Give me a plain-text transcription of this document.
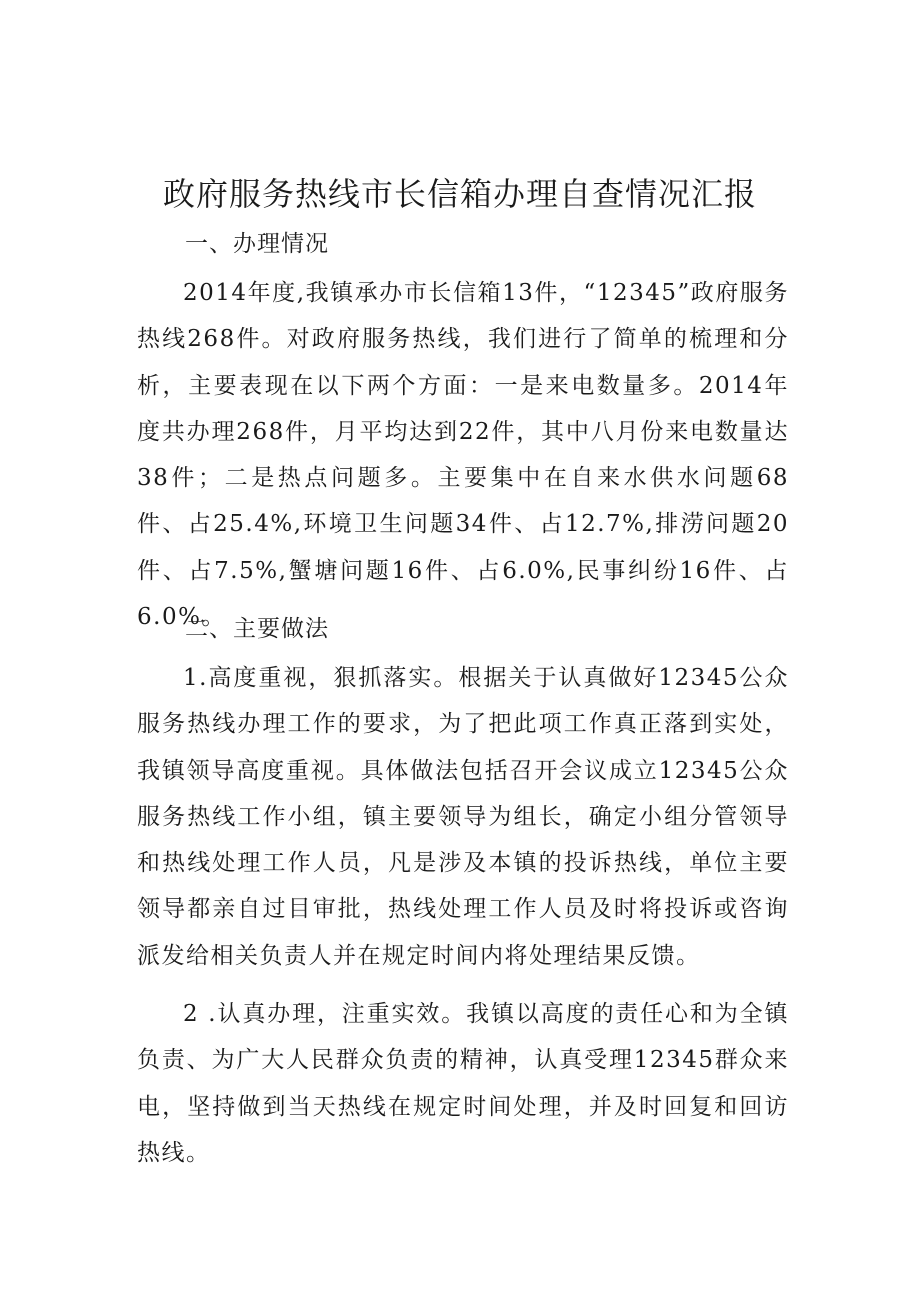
政府服务热线市长信箱办理自查情况汇报

一、办理情况

2014年度,我镇承办市长信箱13件，“12345”政府服务热线268件。对政府服务热线，我们进行了简单的梳理和分析，主要表现在以下两个方面：一是来电数量多。2014年度共办理268件，月平均达到22件，其中八月份来电数量达38件；二是热点问题多。主要集中在自来水供水问题68件、占25.4%,环境卫生问题34件、占12.7%,排涝问题20件、占7.5%,蟹塘问题16件、占6.0%,民事纠纷16件、占6.0%。

二、主要做法

1.高度重视，狠抓落实。根据关于认真做好12345公众服务热线办理工作的要求，为了把此项工作真正落到实处，我镇领导高度重视。具体做法包括召开会议成立12345公众服务热线工作小组，镇主要领导为组长，确定小组分管领导和热线处理工作人员，凡是涉及本镇的投诉热线，单位主要领导都亲自过目审批，热线处理工作人员及时将投诉或咨询派发给相关负责人并在规定时间内将处理结果反馈。

2 .认真办理，注重实效。我镇以高度的责任心和为全镇负责、为广大人民群众负责的精神，认真受理12345群众来电，坚持做到当天热线在规定时间处理，并及时回复和回访热线。
